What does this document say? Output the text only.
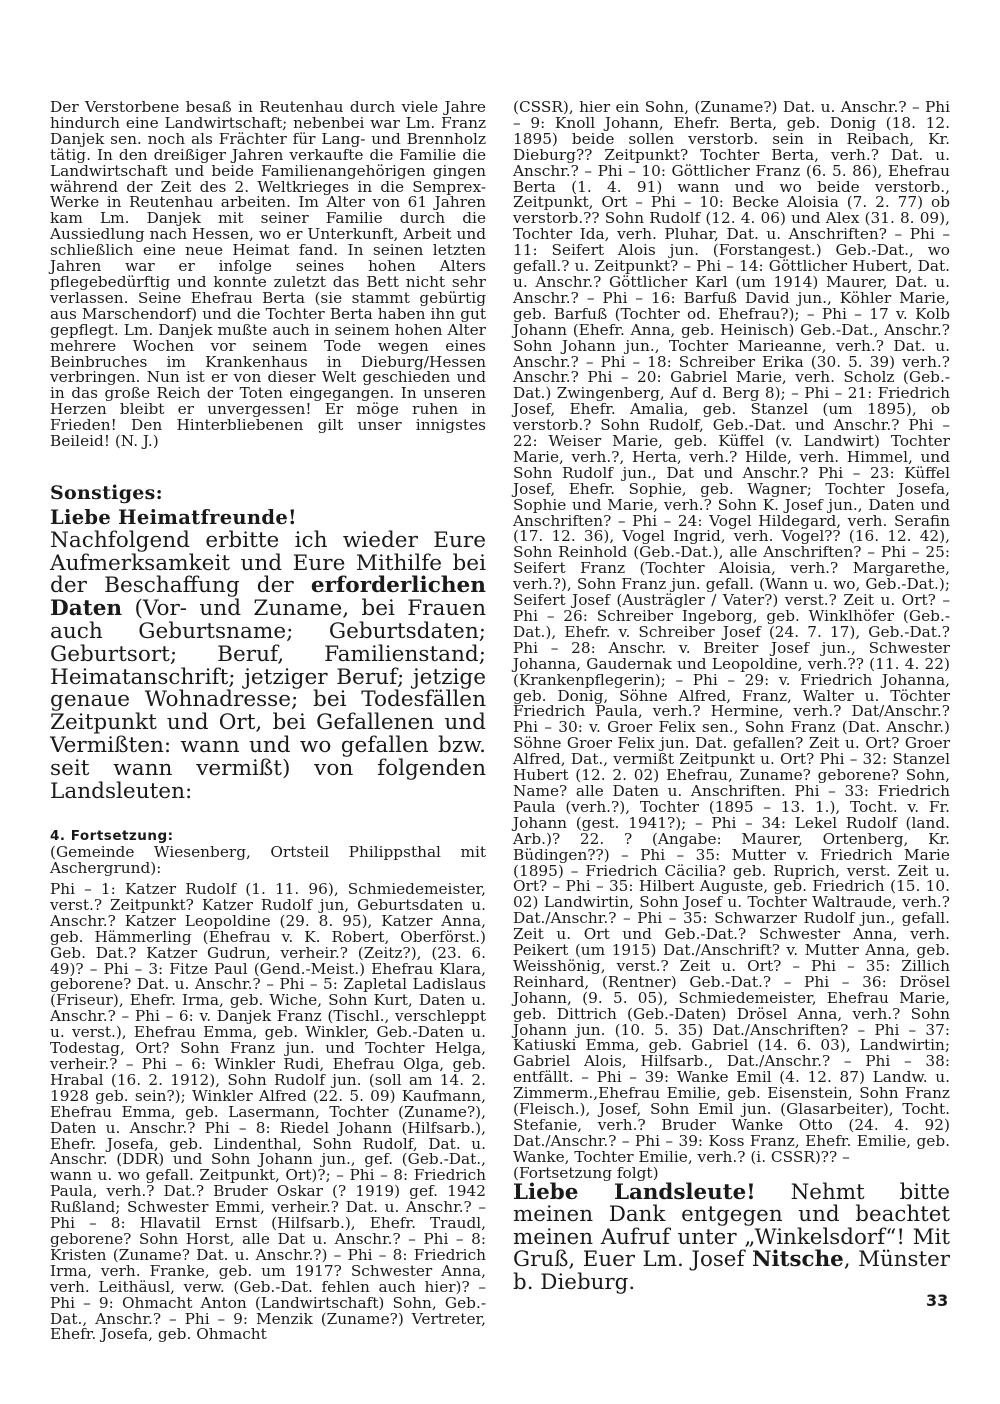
Der Verstorbene besaß in Reutenhau durch viele Jahre hindurch eine Landwirtschaft; nebenbei war Lm. Franz Danjek sen. noch als Frächter für Lang- und Brennholz tätig. In den dreißiger Jahren verkaufte die Familie die Landwirtschaft und beide Familienangehörigen gingen während der Zeit des 2. Weltkrieges in die Semprex-Werke in Reutenhau arbeiten. Im Alter von 61 Jahren kam Lm. Danjek mit seiner Familie durch die Aussiedlung nach Hessen, wo er Unterkunft, Arbeit und schließlich eine neue Heimat fand. In seinen letzten Jahren war er infolge seines hohen Alters pflegebedürftig und konnte zuletzt das Bett nicht sehr verlassen. Seine Ehefrau Berta (sie stammt gebürtig aus Marschendorf) und die Tochter Berta haben ihn gut gepflegt. Lm. Danjek mußte auch in seinem hohen Alter mehrere Wochen vor seinem Tode wegen eines Beinbruches im Krankenhaus in Dieburg/Hessen verbringen. Nun ist er von dieser Welt geschieden und in das große Reich der Toten eingegangen. In unseren Herzen bleibt er unvergessen! Er möge ruhen in Frieden! Den Hinterbliebenen gilt unser innigstes Beileid! (N. J.)

Sonstiges:
Liebe Heimatfreunde!

Nachfolgend erbitte ich wieder Eure Aufmerksamkeit und Eure Mithilfe bei der Beschaffung der erforderlichen Daten (Vor- und Zuname, bei Frauen auch Geburtsname; Geburtsdaten; Geburtsort; Beruf, Familienstand; Heimatanschrift; jetziger Beruf; jetzige genaue Wohnadresse; bei Todesfällen Zeitpunkt und Ort, bei Gefallenen und Vermißten: wann und wo gefallen bzw. seit wann vermißt) von folgenden Landsleuten:

4. Fortsetzung:

(Gemeinde Wiesenberg, Ortsteil Philippsthal mit Aschergrund):

Phi – 1: Katzer Rudolf (1. 11. 96), Schmiedemeister, verst.? Zeitpunkt? Katzer Rudolf jun, Geburtsdaten u. Anschr.? Katzer Leopoldine (29. 8. 95), Katzer Anna, geb. Hämmerling (Ehefrau v. K. Robert, Oberförst.) Geb. Dat.? Katzer Gudrun, verheir.? (Zeitz?), (23. 6. 49)? – Phi – 3: Fitze Paul (Gend.-Meist.) Ehefrau Klara, geborene? Dat. u. Anschr.? – Phi – 5: Zapletal Ladislaus (Friseur), Ehefr. Irma, geb. Wiche, Sohn Kurt, Daten u. Anschr.? – Phi – 6: v. Danjek Franz (Tischl., verschleppt u. verst.), Ehefrau Emma, geb. Winkler, Geb.-Daten u. Todestag, Ort? Sohn Franz jun. und Tochter Helga, verheir.? – Phi – 6: Winkler Rudi, Ehefrau Olga, geb. Hrabal (16. 2. 1912), Sohn Rudolf jun. (soll am 14. 2. 1928 geb. sein?); Winkler Alfred (22. 5. 09) Kaufmann, Ehefrau Emma, geb. Lasermann, Tochter (Zuname?), Daten u. Anschr.? Phi – 8: Riedel Johann (Hilfsarb.), Ehefr. Josefa, geb. Lindenthal, Sohn Rudolf, Dat. u. Anschr. (DDR) und Sohn Johann jun., gef. (Geb.-Dat., wann u. wo gefall. Zeitpunkt, Ort)?; – Phi – 8: Friedrich Paula, verh.? Dat.? Bruder Oskar (? 1919) gef. 1942 Rußland; Schwester Emmi, verheir.? Dat. u. Anschr.? – Phi – 8: Hlavatil Ernst (Hilfsarb.), Ehefr. Traudl, geborene? Sohn Horst, alle Dat u. Anschr.? – Phi – 8: Kristen (Zuname? Dat. u. Anschr.?) – Phi – 8: Friedrich Irma, verh. Franke, geb. um 1917? Schwester Anna, verh. Leithäusl, verw. (Geb.-Dat. fehlen auch hier)? – Phi – 9: Ohmacht Anton (Landwirtschaft) Sohn, Geb.-Dat., Anschr.? – Phi – 9: Menzik (Zuname?) Vertreter, Ehefr. Josefa, geb. Ohmacht

(CSSR), hier ein Sohn, (Zuname?) Dat. u. Anschr.? – Phi – 9: Knoll Johann, Ehefr. Berta, geb. Donig (18. 12. 1895) beide sollen verstorb. sein in Reibach, Kr. Dieburg?? Zeitpunkt? Tochter Berta, verh.? Dat. u. Anschr.? – Phi – 10: Göttlicher Franz (6. 5. 86), Ehefrau Berta (1. 4. 91) wann und wo beide verstorb., Zeitpunkt, Ort – Phi – 10: Becke Aloisia (7. 2. 77) ob verstorb.?? Sohn Rudolf (12. 4. 06) und Alex (31. 8. 09), Tochter Ida, verh. Pluhar, Dat. u. Anschriften? – Phi – 11: Seifert Alois jun. (Forstangest.) Geb.-Dat., wo gefall.? u. Zeitpunkt? – Phi – 14: Göttlicher Hubert, Dat. u. Anschr.? Göttlicher Karl (um 1914) Maurer, Dat. u. Anschr.? – Phi – 16: Barfuß David jun., Köhler Marie, geb. Barfuß (Tochter od. Ehefrau?); – Phi – 17 v. Kolb Johann (Ehefr. Anna, geb. Heinisch) Geb.-Dat., Anschr.? Sohn Johann jun., Tochter Marieanne, verh.? Dat. u. Anschr.? – Phi – 18: Schreiber Erika (30. 5. 39) verh.? Anschr.? Phi – 20: Gabriel Marie, verh. Scholz (Geb.-Dat.) Zwingenberg, Auf d. Berg 8); – Phi – 21: Friedrich Josef, Ehefr. Amalia, geb. Stanzel (um 1895), ob verstorb.? Sohn Rudolf, Geb.-Dat. und Anschr.? Phi – 22: Weiser Marie, geb. Küffel (v. Landwirt) Tochter Marie, verh.?, Herta, verh.? Hilde, verh. Himmel, und Sohn Rudolf jun., Dat und Anschr.? Phi – 23: Küffel Josef, Ehefr. Sophie, geb. Wagner; Tochter Josefa, Sophie und Marie, verh.? Sohn K. Josef jun., Daten und Anschriften? – Phi – 24: Vogel Hildegard, verh. Serafin (17. 12. 36), Vogel Ingrid, verh. Vogel?? (16. 12. 42), Sohn Reinhold (Geb.-Dat.), alle Anschriften? – Phi – 25: Seifert Franz (Tochter Aloisia, verh.? Margarethe, verh.?), Sohn Franz jun. gefall. (Wann u. wo, Geb.-Dat.); Seifert Josef (Austrägler / Vater?) verst.? Zeit u. Ort? – Phi – 26: Schreiber Ingeborg, geb. Winklhöfer (Geb.-Dat.), Ehefr. v. Schreiber Josef (24. 7. 17), Geb.-Dat.? Phi – 28: Anschr. v. Breiter Josef jun., Schwester Johanna, Gaudernak und Leopoldine, verh.?? (11. 4. 22) (Krankenpflegerin); – Phi – 29: v. Friedrich Johanna, geb. Donig, Söhne Alfred, Franz, Walter u. Töchter Friedrich Paula, verh.? Hermine, verh.? Dat/Anschr.? Phi – 30: v. Groer Felix sen., Sohn Franz (Dat. Anschr.) Söhne Groer Felix jun. Dat. gefallen? Zeit u. Ort? Groer Alfred, Dat., vermißt Zeitpunkt u. Ort? Phi – 32: Stanzel Hubert (12. 2. 02) Ehefrau, Zuname? geborene? Sohn, Name? alle Daten u. Anschriften. Phi – 33: Friedrich Paula (verh.?), Tochter (1895 – 13. 1.), Tocht. v. Fr. Johann (gest. 1941?); – Phi – 34: Lekel Rudolf (land. Arb.)? 22. ? (Angabe: Maurer, Ortenberg, Kr. Büdingen??) – Phi – 35: Mutter v. Friedrich Marie (1895) – Friedrich Cäcilia? geb. Ruprich, verst. Zeit u. Ort? – Phi – 35: Hilbert Auguste, geb. Friedrich (15. 10. 02) Landwirtin, Sohn Josef u. Tochter Waltraude, verh.? Dat./Anschr.? – Phi – 35: Schwarzer Rudolf jun., gefall. Zeit u. Ort und Geb.-Dat.? Schwester Anna, verh. Peikert (um 1915) Dat./Anschrift? v. Mutter Anna, geb. Weisshönig, verst.? Zeit u. Ort? – Phi – 35: Zillich Reinhard, (Rentner) Geb.-Dat.? – Phi – 36: Drösel Johann, (9. 5. 05), Schmiedemeister, Ehefrau Marie, geb. Dittrich (Geb.-Daten) Drösel Anna, verh.? Sohn Johann jun. (10. 5. 35) Dat./Anschriften? – Phi – 37: Katiuski Emma, geb. Gabriel (14. 6. 03), Landwirtin; Gabriel Alois, Hilfsarb., Dat./Anschr.? – Phi – 38: entfällt. – Phi – 39: Wanke Emil (4. 12. 87) Landw. u. Zimmerm.,Ehefrau Emilie, geb. Eisenstein, Sohn Franz (Fleisch.), Josef, Sohn Emil jun. (Glasarbeiter), Tocht. Stefanie, verh.? Bruder Wanke Otto (24. 4. 92) Dat./Anschr.? – Phi – 39: Koss Franz, Ehefr. Emilie, geb. Wanke, Tochter Emilie, verh.? (i. CSSR)?? –

(Fortsetzung folgt)

Liebe Landsleute! Nehmt bitte meinen Dank entgegen und beachtet meinen Aufruf unter „Winkelsdorf“! Mit Gruß, Euer Lm. Josef Nitsche, Münster b. Dieburg.

33
